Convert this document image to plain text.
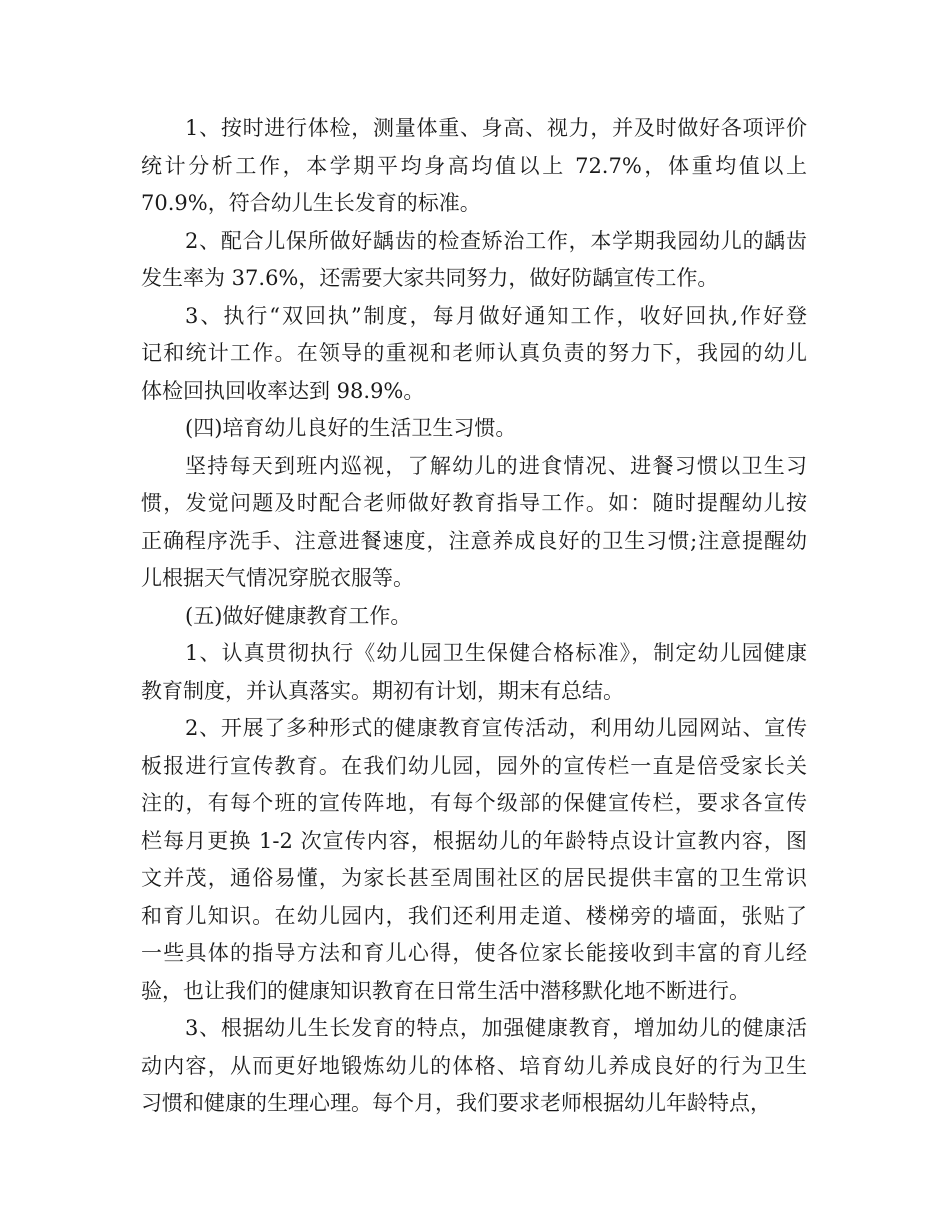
1、按时进行体检，测量体重、身高、视力，并及时做好各项评价
统计分析工作，本学期平均身高均值以上 72.7%，体重均值以上
70.9%，符合幼儿生长发育的标准。
2、配合儿保所做好龋齿的检查矫治工作，本学期我园幼儿的龋齿
发生率为 37.6%，还需要大家共同努力，做好防龋宣传工作。
3、执行“双回执”制度，每月做好通知工作，收好回执,作好登
记和统计工作。在领导的重视和老师认真负责的努力下，我园的幼儿
体检回执回收率达到 98.9%。
(四)培育幼儿良好的生活卫生习惯。
坚持每天到班内巡视，了解幼儿的进食情况、进餐习惯以卫生习
惯，发觉问题及时配合老师做好教育指导工作。如：随时提醒幼儿按
正确程序洗手、注意进餐速度，注意养成良好的卫生习惯;注意提醒幼
儿根据天气情况穿脱衣服等。
(五)做好健康教育工作。
1、认真贯彻执行《幼儿园卫生保健合格标准》，制定幼儿园健康
教育制度，并认真落实。期初有计划，期末有总结。
2、开展了多种形式的健康教育宣传活动，利用幼儿园网站、宣传
板报进行宣传教育。在我们幼儿园，园外的宣传栏一直是倍受家长关
注的，有每个班的宣传阵地，有每个级部的保健宣传栏，要求各宣传
栏每月更换 1-2 次宣传内容，根据幼儿的年龄特点设计宣教内容，图
文并茂，通俗易懂，为家长甚至周围社区的居民提供丰富的卫生常识
和育儿知识。在幼儿园内，我们还利用走道、楼梯旁的墙面，张贴了
一些具体的指导方法和育儿心得，使各位家长能接收到丰富的育儿经
验，也让我们的健康知识教育在日常生活中潜移默化地不断进行。
3、根据幼儿生长发育的特点，加强健康教育，增加幼儿的健康活
动内容，从而更好地锻炼幼儿的体格、培育幼儿养成良好的行为卫生
习惯和健康的生理心理。每个月，我们要求老师根据幼儿年龄特点，
